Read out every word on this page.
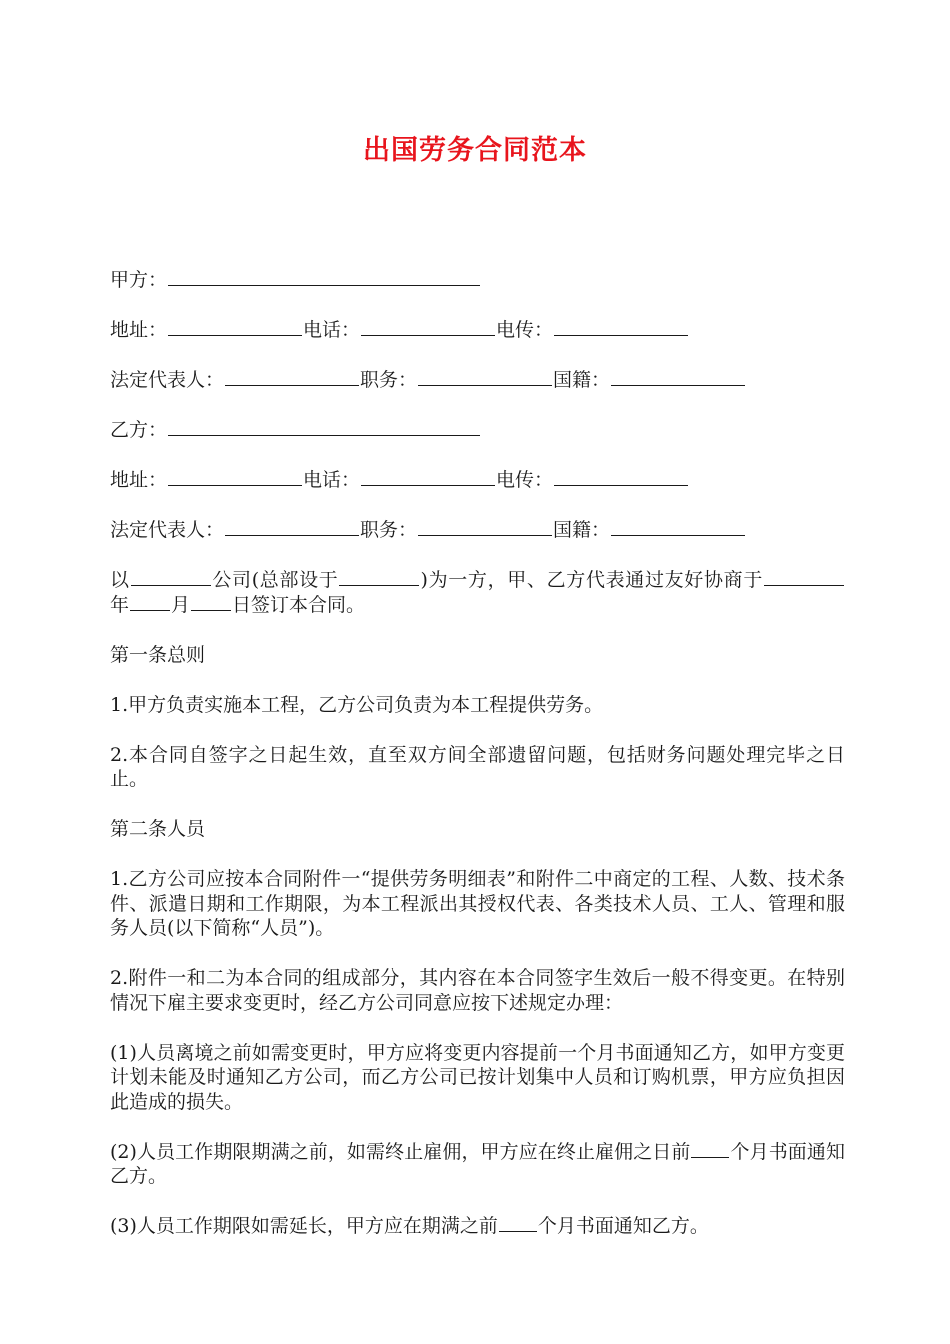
出国劳务合同范本

甲方：

地址：	电话：	电传：

法定代表人：	职务：	国籍：

乙方：

地址：	电话：	电传：

法定代表人：	职务：	国籍：

以	公司(总部设于	)为一方，甲、乙方代表通过友好协商于年 月 日签订本合同。

第一条总则

1.甲方负责实施本工程，乙方公司负责为本工程提供劳务。

2.本合同自签字之日起生效，直至双方间全部遗留问题，包括财务问题处理完毕之日止。

第二条人员

1.乙方公司应按本合同附件一“提供劳务明细表”和附件二中商定的工程、人数、技术条件、派遣日期和工作期限，为本工程派出其授权代表、各类技术人员、工人、管理和服务人员(以下简称“人员”)。

2.附件一和二为本合同的组成部分，其内容在本合同签字生效后一般不得变更。在特别情况下雇主要求变更时，经乙方公司同意应按下述规定办理：

(1)人员离境之前如需变更时，甲方应将变更内容提前一个月书面通知乙方，如甲方变更计划未能及时通知乙方公司，而乙方公司已按计划集中人员和订购机票，甲方应负担因此造成的损失。

(2)人员工作期限期满之前，如需终止雇佣，甲方应在终止雇佣之日前 个月书面通知乙方。

(3)人员工作期限如需延长，甲方应在期满之前 个月书面通知乙方。
